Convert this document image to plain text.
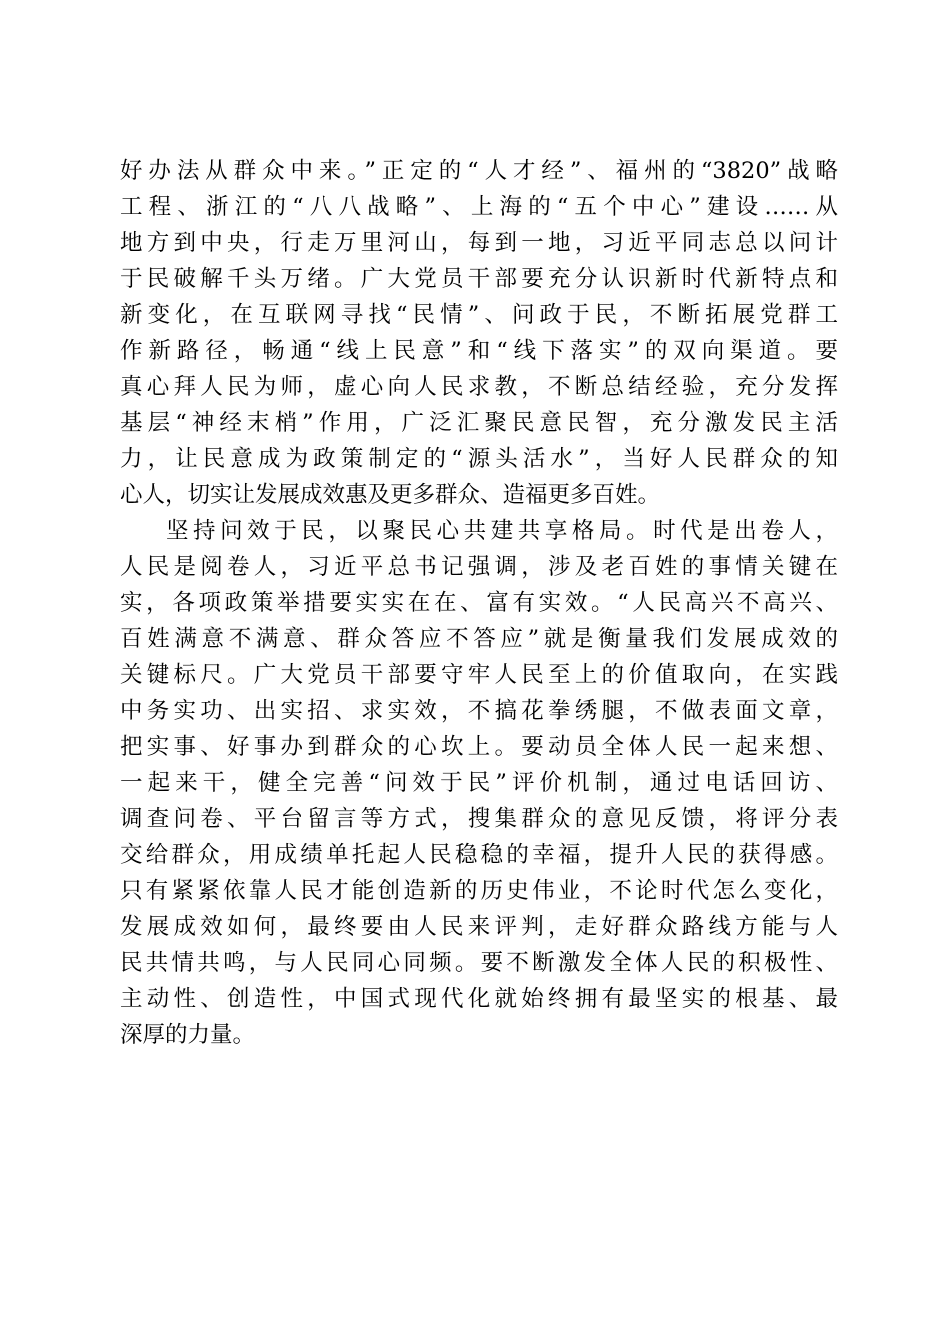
好办法从群众中来。”正定的“人才经”、福州的“3820”战略
工程、浙江的“八八战略”、上海的“五个中心”建设……从
地方到中央，行走万里河山，每到一地，习近平同志总以问计
于民破解千头万绪。广大党员干部要充分认识新时代新特点和
新变化，在互联网寻找“民情”、问政于民，不断拓展党群工
作新路径，畅通“线上民意”和“线下落实”的双向渠道。要
真心拜人民为师，虚心向人民求教，不断总结经验，充分发挥
基层“神经末梢”作用，广泛汇聚民意民智，充分激发民主活
力，让民意成为政策制定的“源头活水”，当好人民群众的知
心人，切实让发展成效惠及更多群众、造福更多百姓。
坚持问效于民，以聚民心共建共享格局。时代是出卷人，
人民是阅卷人，习近平总书记强调，涉及老百姓的事情关键在
实，各项政策举措要实实在在、富有实效。“人民高兴不高兴、
百姓满意不满意、群众答应不答应”就是衡量我们发展成效的
关键标尺。广大党员干部要守牢人民至上的价值取向，在实践
中务实功、出实招、求实效，不搞花拳绣腿，不做表面文章，
把实事、好事办到群众的心坎上。要动员全体人民一起来想、
一起来干，健全完善“问效于民”评价机制，通过电话回访、
调查问卷、平台留言等方式，搜集群众的意见反馈，将评分表
交给群众，用成绩单托起人民稳稳的幸福，提升人民的获得感。
只有紧紧依靠人民才能创造新的历史伟业，不论时代怎么变化，
发展成效如何，最终要由人民来评判，走好群众路线方能与人
民共情共鸣，与人民同心同频。要不断激发全体人民的积极性、
主动性、创造性，中国式现代化就始终拥有最坚实的根基、最
深厚的力量。
